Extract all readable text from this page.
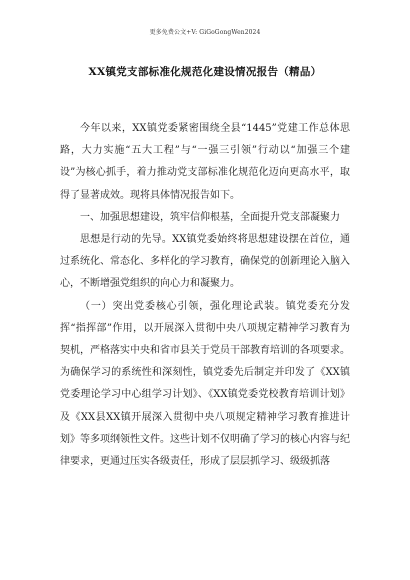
更多免费公文+V: GiGoGongWen2024
XX镇党支部标准化规范化建设情况报告（精品）

今年以来，XX镇党委紧密围绕全县“1445”党建工作总体思路，大力实施“五大工程”与“一强三引领”行动以“加强三个建设”为核心抓手，着力推动党支部标准化规范化迈向更高水平，取得了显著成效。现将具体情况报告如下。

一、加强思想建设，筑牢信仰根基，全面提升党支部凝聚力

思想是行动的先导。XX镇党委始终将思想建设摆在首位，通过系统化、常态化、多样化的学习教育，确保党的创新理论入脑入心，不断增强党组织的向心力和凝聚力。

（一）突出党委核心引领，强化理论武装。镇党委充分发挥“指挥部”作用，以开展深入贯彻中央八项规定精神学习教育为契机，严格落实中央和省市县关于党员干部教育培训的各项要求。为确保学习的系统性和深刻性，镇党委先后制定并印发了《XX镇党委理论学习中心组学习计划》、《XX镇党委党校教育培训计划》及《XX县XX镇开展深入贯彻中央八项规定精神学习教育推进计划》等多项纲领性文件。这些计划不仅明确了学习的核心内容与纪律要求，更通过压实各级责任，形成了层层抓学习、级级抓落
